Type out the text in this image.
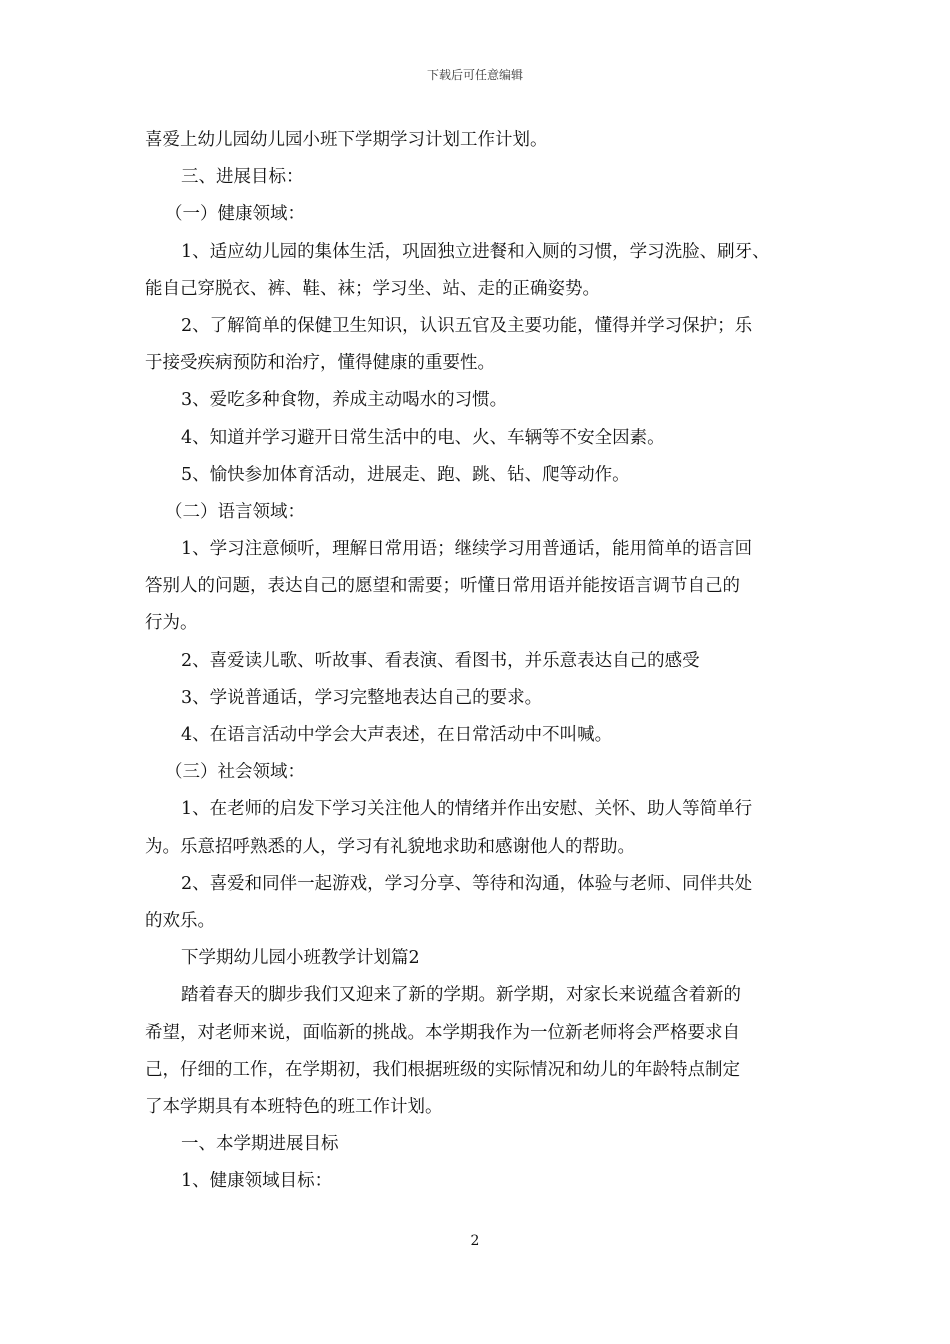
下载后可任意编辑
喜爱上幼儿园幼儿园小班下学期学习计划工作计划。
三、进展目标：
（一）健康领域：
1、适应幼儿园的集体生活，巩固独立进餐和入厕的习惯，学习洗脸、刷牙、
能自己穿脱衣、裤、鞋、袜；学习坐、站、走的正确姿势。
2、了解简单的保健卫生知识，认识五官及主要功能，懂得并学习保护；乐
于接受疾病预防和治疗，懂得健康的重要性。
3、爱吃多种食物，养成主动喝水的习惯。
4、知道并学习避开日常生活中的电、火、车辆等不安全因素。
5、愉快参加体育活动，进展走、跑、跳、钻、爬等动作。
（二）语言领域：
1、学习注意倾听，理解日常用语；继续学习用普通话，能用简单的语言回
答别人的问题，表达自己的愿望和需要；听懂日常用语并能按语言调节自己的
行为。
2、喜爱读儿歌、听故事、看表演、看图书，并乐意表达自己的感受
3、学说普通话，学习完整地表达自己的要求。
4、在语言活动中学会大声表述，在日常活动中不叫喊。
（三）社会领域：
1、在老师的启发下学习关注他人的情绪并作出安慰、关怀、助人等简单行
为。乐意招呼熟悉的人，学习有礼貌地求助和感谢他人的帮助。
2、喜爱和同伴一起游戏，学习分享、等待和沟通，体验与老师、同伴共处
的欢乐。
下学期幼儿园小班教学计划篇2
踏着春天的脚步我们又迎来了新的学期。新学期，对家长来说蕴含着新的
希望，对老师来说，面临新的挑战。本学期我作为一位新老师将会严格要求自
己，仔细的工作，在学期初，我们根据班级的实际情况和幼儿的年龄特点制定
了本学期具有本班特色的班工作计划。
一、本学期进展目标
1、健康领域目标：
2
